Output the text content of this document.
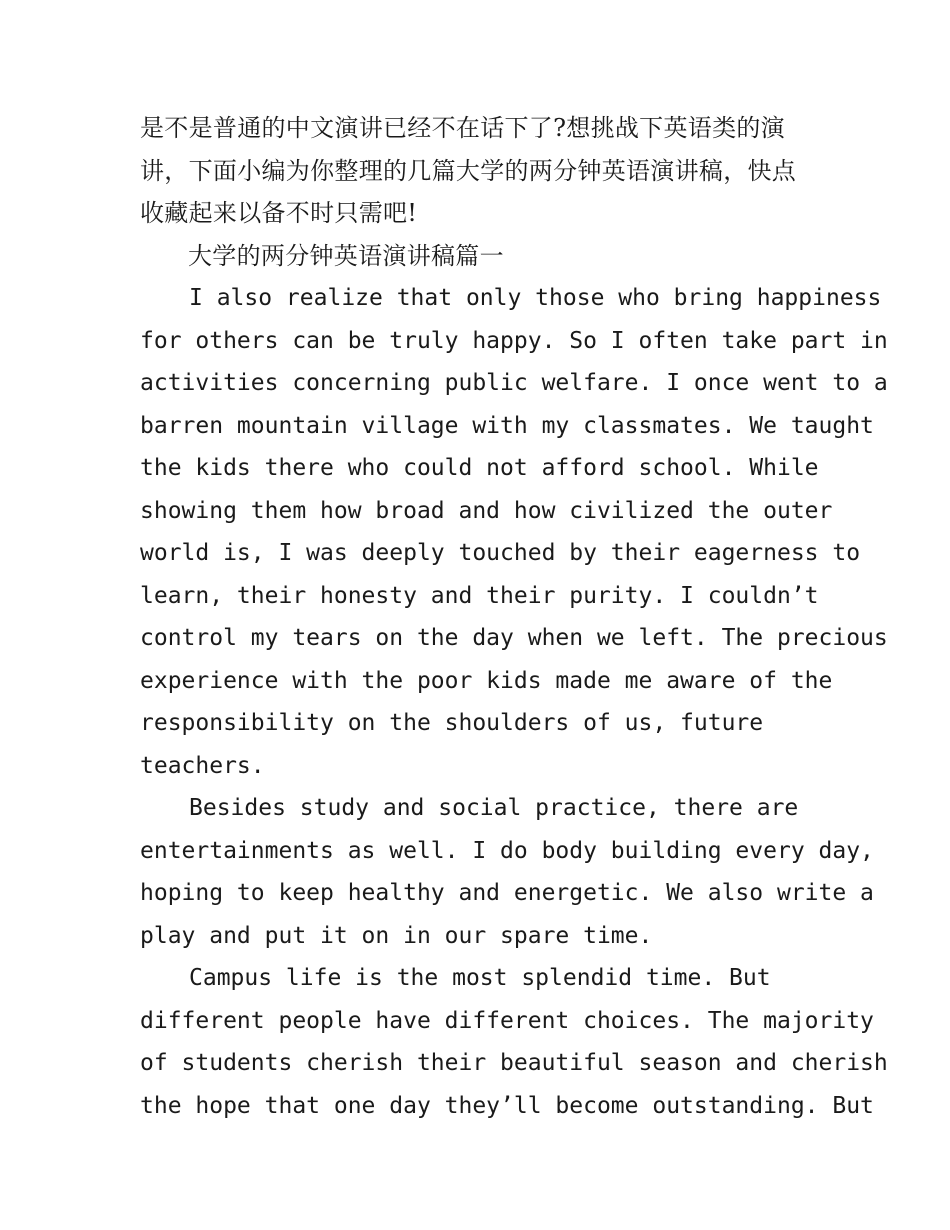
是不是普通的中文演讲已经不在话下了?想挑战下英语类的演
讲，下面小编为你整理的几篇大学的两分钟英语演讲稿，快点
收藏起来以备不时只需吧!
大学的两分钟英语演讲稿篇一
I also realize that only those who bring happiness
for others can be truly happy. So I often take part in
activities concerning public welfare. I once went to a
barren mountain village with my classmates. We taught
the kids there who could not afford school. While
showing them how broad and how civilized the outer
world is, I was deeply touched by their eagerness to
learn, their honesty and their purity. I couldn’t
control my tears on the day when we left. The precious
experience with the poor kids made me aware of the
responsibility on the shoulders of us, future
teachers.
Besides study and social practice, there are
entertainments as well. I do body building every day,
hoping to keep healthy and energetic. We also write a
play and put it on in our spare time.
Campus life is the most splendid time. But
different people have different choices. The majority
of students cherish their beautiful season and cherish
the hope that one day they’ll become outstanding. But
